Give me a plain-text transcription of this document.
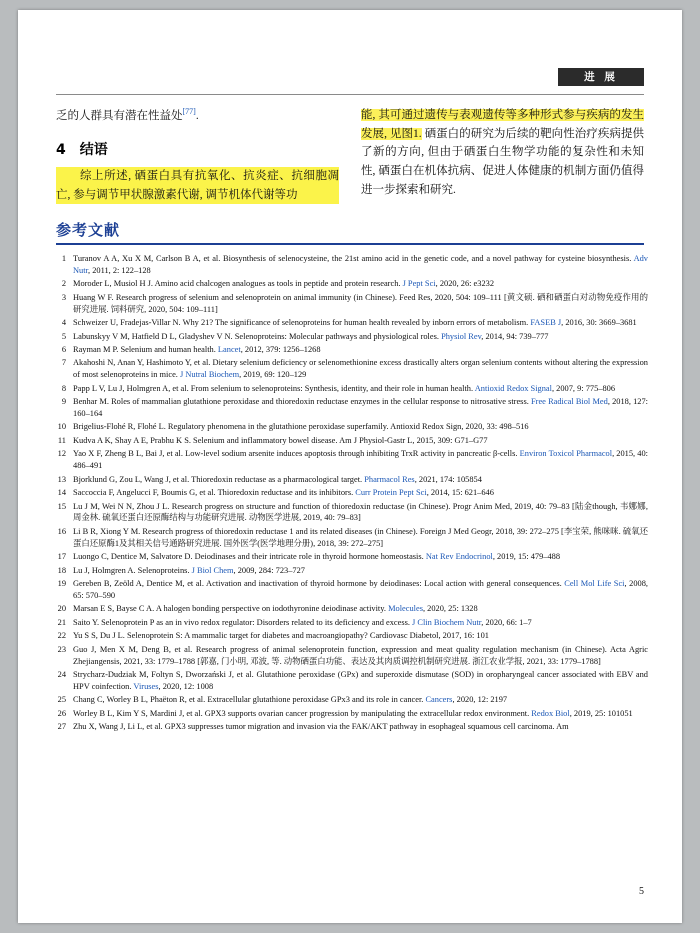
进 展
乏的人群具有潜在性益处[77].
4 结语
综上所述, 硒蛋白具有抗氧化、抗炎症、抗细胞凋亡, 参与调节甲状腺激素代谢, 调节机体代谢等功
能, 其可通过遗传与表观遗传等多种形式参与疾病的发生发展, 见图1. 硒蛋白的研究为后续的靶向性治疗疾病提供了新的方向, 但由于硒蛋白生物学功能的复杂性和未知性, 硒蛋白在机体抗病、促进人体健康的机制方面仍值得进一步探索和研究.
参考文献
1 Turanov A A, Xu X M, Carlson B A, et al. Biosynthesis of selenocysteine, the 21st amino acid in the genetic code, and a novel pathway for cysteine biosynthesis. Adv Nutr, 2011, 2: 122–128
2 Moroder L, Musiol H J. Amino acid chalcogen analogues as tools in peptide and protein research. J Pept Sci, 2020, 26: e3232
3 Huang W F. Research progress of selenium and selenoprotein on animal immunity (in Chinese). Feed Res, 2020, 504: 109–111 [黄文硕. 硒和硒蛋白对动物免疫作用的研究进展. 饲料研究, 2020, 504: 109–111]
4 Schweizer U, Fradejas-Villar N. Why 21? The significance of selenoproteins for human health revealed by inborn errors of metabolism. FASEB J, 2016, 30: 3669–3681
5 Labunskyy V M, Hatfield D L, Gladyshev V N. Selenoproteins: Molecular pathways and physiological roles. Physiol Rev, 2014, 94: 739–777
6 Rayman M P. Selenium and human health. Lancet, 2012, 379: 1256–1268
7 Akahoshi N, Anan Y, Hashimoto Y, et al. Dietary selenium deficiency or selenomethionine excess drastically alters organ selenium contents without altering the expression of most selenoproteins in mice. J Nutral Biochem, 2019, 69: 120–129
8 Papp L V, Lu J, Holmgren A, et al. From selenium to selenoproteins: Synthesis, identity, and their role in human health. Antioxid Redox Signal, 2007, 9: 775–806
9 Benhar M. Roles of mammalian glutathione peroxidase and thioredoxin reductase enzymes in the cellular response to nitrosative stress. Free Radical Biol Med, 2018, 127: 160–164
10 Brigelius-Flohé R, Flohé L. Regulatory phenomena in the glutathione peroxidase superfamily. Antioxid Redox Sign, 2020, 33: 498–516
11 Kudva A K, Shay A E, Prabhu K S. Selenium and inflammatory bowel disease. Am J Physiol-Gastr L, 2015, 309: G71–G77
12 Yao X F, Zheng B L, Bai J, et al. Low-level sodium arsenite induces apoptosis through inhibiting TrxR activity in pancreatic β-cells. Environ Toxicol Pharmacol, 2015, 40: 486–491
13 Bjorklund G, Zou L, Wang J, et al. Thioredoxin reductase as a pharmacological target. Pharmacol Res, 2021, 174: 105854
14 Saccoccia F, Angelucci F, Boumis G, et al. Thioredoxin reductase and its inhibitors. Curr Protein Pept Sci, 2014, 15: 621–646
15 Lu J M, Wei N N, Zhou J L. Research progress on structure and function of thioredoxin reductase (in Chinese). Progr Anim Med, 2019, 40: 79–83 [陆金though, 韦娜娜, 周金林. 硫氧还蛋白还原酶结构与功能研究进展. 动物医学进展, 2019, 40: 79–83]
16 Li B R, Xiong Y M. Research progress of thioredoxin reductase 1 and its related diseases (in Chinese). Foreign J Med Geogr, 2018, 39: 272–275 [李宝荣, 熊咪咪. 硫氧还蛋白还原酶1及其相关信号通路研究进展. 国外医学(医学地理分册), 2018, 39: 272–275]
17 Luongo C, Dentice M, Salvatore D. Deiodinases and their intricate role in thyroid hormone homeostasis. Nat Rev Endocrinol, 2019, 15: 479–488
18 Lu J, Holmgren A. Selenoproteins. J Biol Chem, 2009, 284: 723–727
19 Gereben B, Zeöld A, Dentice M, et al. Activation and inactivation of thyroid hormone by deiodinases: Local action with general consequences. Cell Mol Life Sci, 2008, 65: 570–590
20 Marsan E S, Bayse C A. A halogen bonding perspective on iodothyronine deiodinase activity. Molecules, 2020, 25: 1328
21 Saito Y. Selenoprotein P as an in vivo redox regulator: Disorders related to its deficiency and excess. J Clin Biochem Nutr, 2020, 66: 1–7
22 Yu S S, Du J L. Selenoprotein S: A mammalic target for diabetes and macroangiopathy? Cardiovasc Diabetol, 2017, 16: 101
23 Guo J, Men X M, Deng B, et al. Research progress of animal selenoprotein function, expression and meat quality regulation mechanism (in Chinese). Acta Agric Zhejiangensis, 2021, 33: 1779–1788 [郭嘉, 门小明, 邓波, 等. 动物硒蛋白功能、表达及其肉质调控机制研究进展. 浙江农业学报, 2021, 33: 1779–1788]
24 Strycharz-Dudziak M, Foltyn S, Dworzański J, et al. Glutathione peroxidase (GPx) and superoxide dismutase (SOD) in oropharyngeal cancer associated with EBV and HPV coinfection. Viruses, 2020, 12: 1008
25 Chang C, Worley B L, Phaëton R, et al. Extracellular glutathione peroxidase GPx3 and its role in cancer. Cancers, 2020, 12: 2197
26 Worley B L, Kim Y S, Mardini J, et al. GPX3 supports ovarian cancer progression by manipulating the extracellular redox environment. Redox Biol, 2019, 25: 101051
27 Zhu X, Wang J, Li L, et al. GPX3 suppresses tumor migration and invasion via the FAK/AKT pathway in esophageal squamous cell carcinoma. Am
5
